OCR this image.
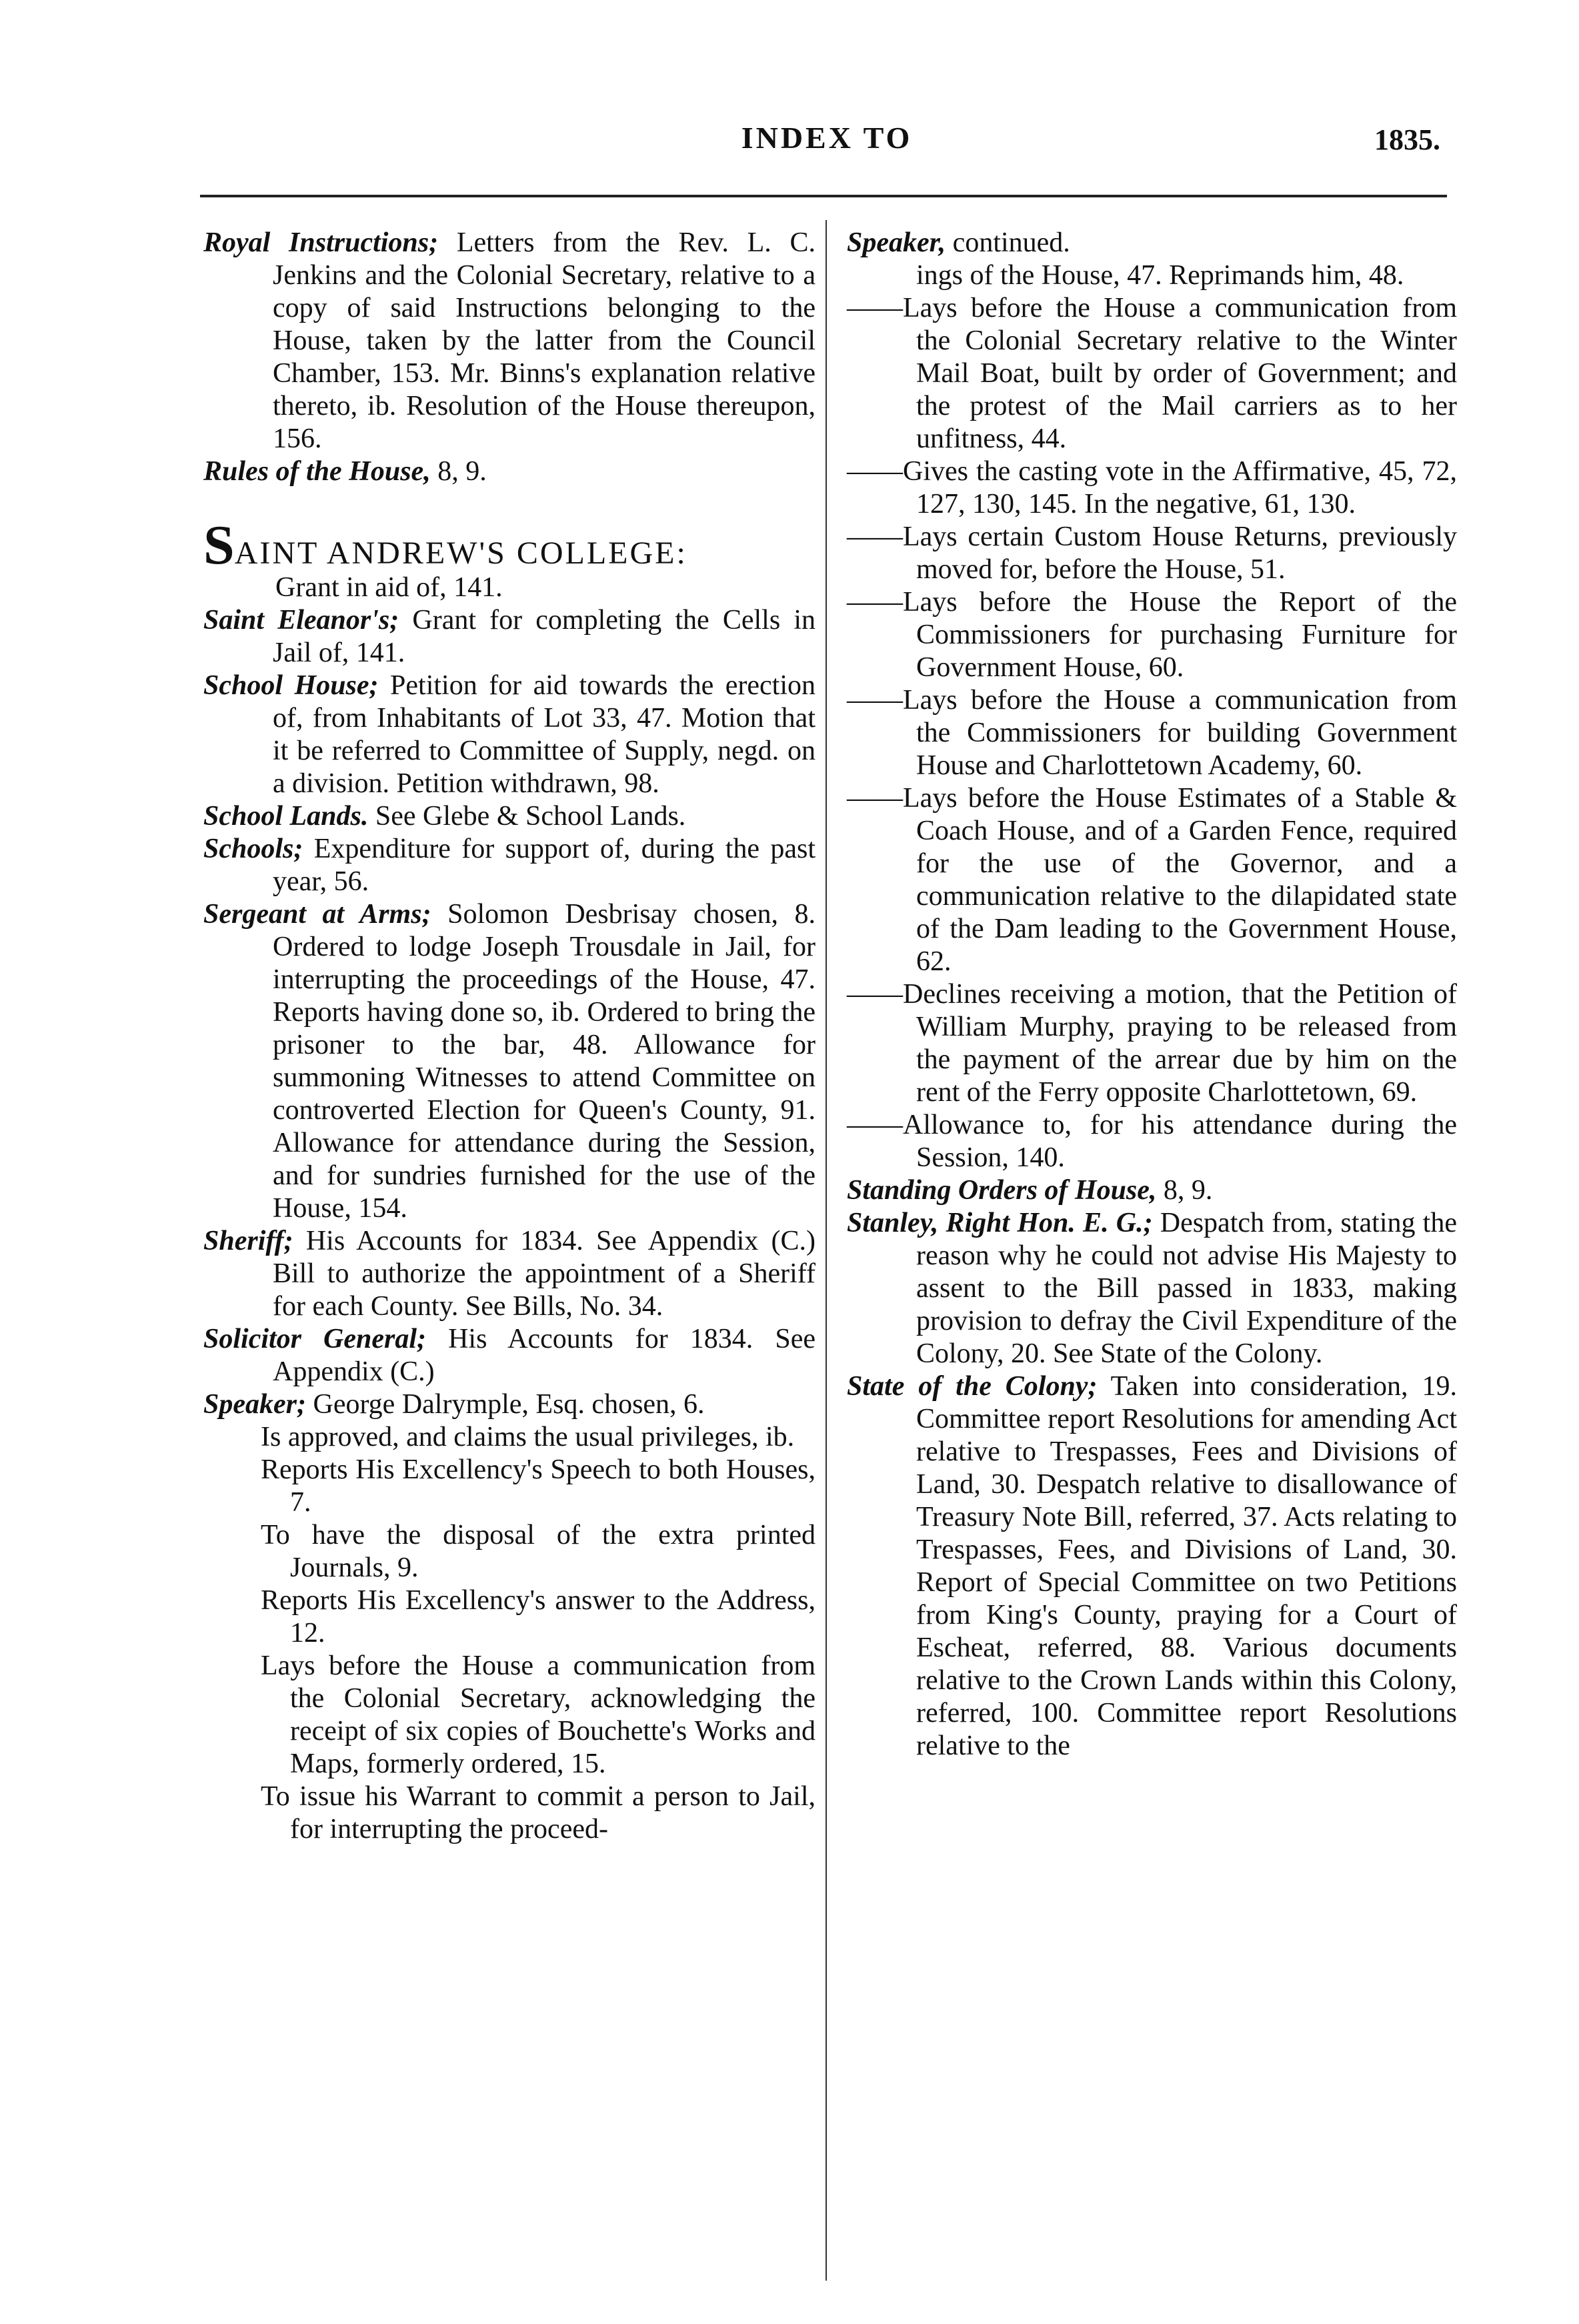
INDEX TO	1835.

Royal Instructions; Letters from the Rev. L. C. Jenkins and the Colonial Secretary, relative to a copy of said Instructions belonging to the House, taken by the latter from the Council Chamber, 153. Mr. Binns's explanation relative thereto, ib. Resolution of the House thereupon, 156.

Rules of the House, 8, 9.

SAINT ANDREW'S COLLEGE:
Grant in aid of, 141.

Saint Eleanor's; Grant for completing the Cells in Jail of, 141.

School House; Petition for aid towards the erection of, from Inhabitants of Lot 33, 47. Motion that it be referred to Committee of Supply, negd. on a division. Petition withdrawn, 98.

School Lands. See Glebe & School Lands.

Schools; Expenditure for support of, during the past year, 56.

Sergeant at Arms; Solomon Desbrisay chosen, 8. Ordered to lodge Joseph Trousdale in Jail, for interrupting the proceedings of the House, 47. Reports having done so, ib. Ordered to bring the prisoner to the bar, 48. Allowance for summoning Witnesses to attend Committee on controverted Election for Queen's County, 91. Allowance for attendance during the Session, and for sundries furnished for the use of the House, 154.

Sheriff; His Accounts for 1834. See Appendix (C.) Bill to authorize the appointment of a Sheriff for each County. See Bills, No. 34.

Solicitor General; His Accounts for 1834. See Appendix (C.)

Speaker; George Dalrymple, Esq. chosen, 6.

Is approved, and claims the usual privileges, ib.

Reports His Excellency's Speech to both Houses, 7.

To have the disposal of the extra printed Journals, 9.

Reports His Excellency's answer to the Address, 12.

Lays before the House a communication from the Colonial Secretary, acknowledging the receipt of six copies of Bouchette's Works and Maps, formerly ordered, 15.

To issue his Warrant to commit a person to Jail, for interrupting the proceed-

Speaker, continued.

ings of the House, 47. Reprimands him, 48.

——Lays before the House a communication from the Colonial Secretary relative to the Winter Mail Boat, built by order of Government; and the protest of the Mail carriers as to her unfitness, 44.

——Gives the casting vote in the Affirmative, 45, 72, 127, 130, 145. In the negative, 61, 130.

——Lays certain Custom House Returns, previously moved for, before the House, 51.

——Lays before the House the Report of the Commissioners for purchasing Furniture for Government House, 60.

——Lays before the House a communication from the Commissioners for building Government House and Charlottetown Academy, 60.

——Lays before the House Estimates of a Stable & Coach House, and of a Garden Fence, required for the use of the Governor, and a communication relative to the dilapidated state of the Dam leading to the Government House, 62.

——Declines receiving a motion, that the Petition of William Murphy, praying to be released from the payment of the arrear due by him on the rent of the Ferry opposite Charlottetown, 69.

——Allowance to, for his attendance during the Session, 140.

Standing Orders of House, 8, 9.

Stanley, Right Hon. E. G.; Despatch from, stating the reason why he could not advise His Majesty to assent to the Bill passed in 1833, making provision to defray the Civil Expenditure of the Colony, 20. See State of the Colony.

State of the Colony; Taken into consideration, 19. Committee report Resolutions for amending Act relative to Trespasses, Fees and Divisions of Land, 30. Despatch relative to disallowance of Treasury Note Bill, referred, 37. Acts relating to Trespasses, Fees, and Divisions of Land, 30. Report of Special Committee on two Petitions from King's County, praying for a Court of Escheat, referred, 88. Various documents relative to the Crown Lands within this Colony, referred, 100. Committee report Resolutions relative to the
